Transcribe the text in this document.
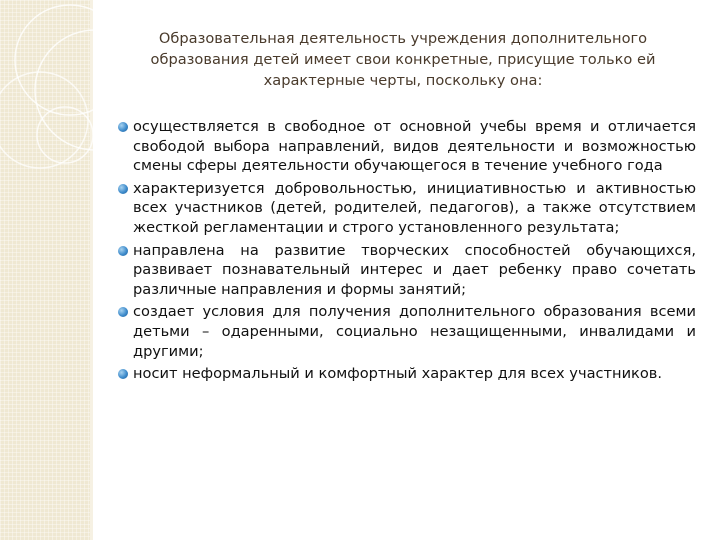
Образовательная деятельность учреждения дополнительного образования детей имеет свои конкретные, присущие только ей характерные черты, поскольку она:
осуществляется в свободное от основной учебы время и отличается свободой выбора направлений, видов деятельности и возможностью смены сферы деятельности обучающегося в течение учебного года
характеризуется добровольностью, инициативностью и активностью всех участников (детей, родителей, педагогов), а также отсутствием жесткой регламентации и строго установленного результата;
направлена на развитие творческих способностей обучающихся, развивает познавательный интерес и дает ребенку право сочетать различные направления и формы занятий;
создает условия для получения дополнительного образования всеми детьми – одаренными, социально незащищенными, инвалидами и другими;
носит неформальный и комфортный характер для всех участников.
